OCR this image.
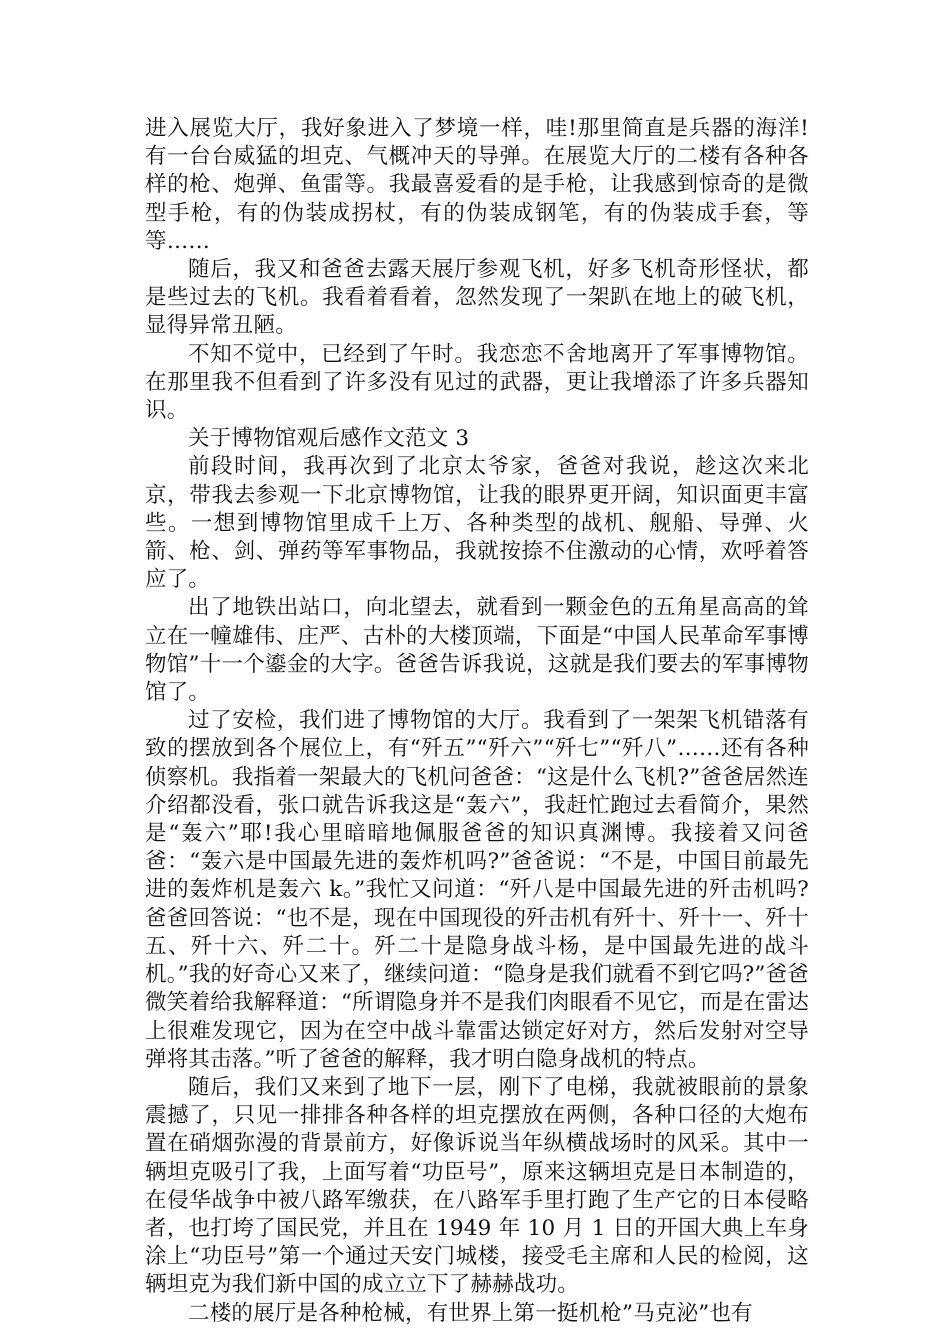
进入展览大厅，我好象进入了梦境一样，哇!那里简直是兵器的海洋!有一台台威猛的坦克、气概冲天的导弹。在展览大厅的二楼有各种各样的枪、炮弹、鱼雷等。我最喜爱看的是手枪，让我感到惊奇的是微型手枪，有的伪装成拐杖，有的伪装成钢笔，有的伪装成手套，等等……

随后，我又和爸爸去露天展厅参观飞机，好多飞机奇形怪状，都是些过去的飞机。我看着看着，忽然发现了一架趴在地上的破飞机，显得异常丑陋。

不知不觉中，已经到了午时。我恋恋不舍地离开了军事博物馆。在那里我不但看到了许多没有见过的武器，更让我增添了许多兵器知识。

关于博物馆观后感作文范文 3

前段时间，我再次到了北京太爷家，爸爸对我说，趁这次来北京，带我去参观一下北京博物馆，让我的眼界更开阔，知识面更丰富些。一想到博物馆里成千上万、各种类型的战机、舰船、导弹、火箭、枪、剑、弹药等军事物品，我就按捺不住激动的心情，欢呼着答应了。

出了地铁出站口，向北望去，就看到一颗金色的五角星高高的耸立在一幢雄伟、庄严、古朴的大楼顶端，下面是“中国人民革命军事博物馆”十一个鎏金的大字。爸爸告诉我说，这就是我们要去的军事博物馆了。

过了安检，我们进了博物馆的大厅。我看到了一架架飞机错落有致的摆放到各个展位上，有“歼五”“歼六”“歼七”“歼八”……还有各种侦察机。我指着一架最大的飞机问爸爸：“这是什么飞机?”爸爸居然连介绍都没看，张口就告诉我这是“轰六”，我赶忙跑过去看简介，果然是“轰六”耶!我心里暗暗地佩服爸爸的知识真渊博。我接着又问爸爸：“轰六是中国最先进的轰炸机吗?”爸爸说：“不是，中国目前最先进的轰炸机是轰六 k。”我忙又问道：“歼八是中国最先进的歼击机吗?爸爸回答说：“也不是，现在中国现役的歼击机有歼十、歼十一、歼十五、歼十六、歼二十。歼二十是隐身战斗杨，是中国最先进的战斗机。”我的好奇心又来了，继续问道：“隐身是我们就看不到它吗?”爸爸微笑着给我解释道：“所谓隐身并不是我们肉眼看不见它，而是在雷达上很难发现它，因为在空中战斗靠雷达锁定好对方，然后发射对空导弹将其击落。”听了爸爸的解释，我才明白隐身战机的特点。

随后，我们又来到了地下一层，刚下了电梯，我就被眼前的景象震撼了，只见一排排各种各样的坦克摆放在两侧，各种口径的大炮布置在硝烟弥漫的背景前方，好像诉说当年纵横战场时的风采。其中一辆坦克吸引了我，上面写着“功臣号”，原来这辆坦克是日本制造的，在侵华战争中被八路军缴获，在八路军手里打跑了生产它的日本侵略者，也打垮了国民党，并且在 1949 年 10 月 1 日的开国大典上车身涂上“功臣号”第一个通过天安门城楼，接受毛主席和人民的检阅，这辆坦克为我们新中国的成立立下了赫赫战功。

二楼的展厅是各种枪械，有世界上第一挺机枪”马克泌”也有
